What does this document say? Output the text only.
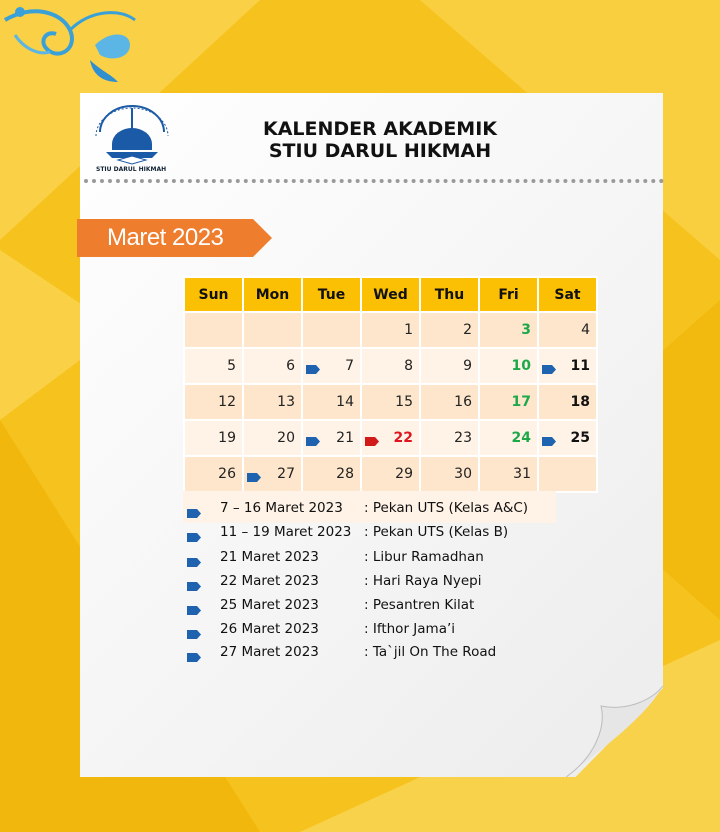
STIU DARUL HIKMAH
KALENDER AKADEMIK
STIU DARUL HIKMAH
Maret 2023
Sun	Mon	Tue	Wed	Thu	Fri	Sat
			1	2	3	4
5	6	7	8	9	10	11
12	13	14	15	16	17	18
19	20	21	22	23	24	25
26	27	28	29	30	31	
7 – 16 Maret 2023 : Pekan UTS (Kelas A&C)
11 – 19 Maret 2023 : Pekan UTS (Kelas B)
21 Maret 2023	: Libur Ramadhan
22 Maret 2023	: Hari Raya Nyepi
25 Maret 2023	: Pesantren Kilat
26 Maret 2023	: Ifthor Jama’i
27 Maret 2023	: Ta`jil On The Road
